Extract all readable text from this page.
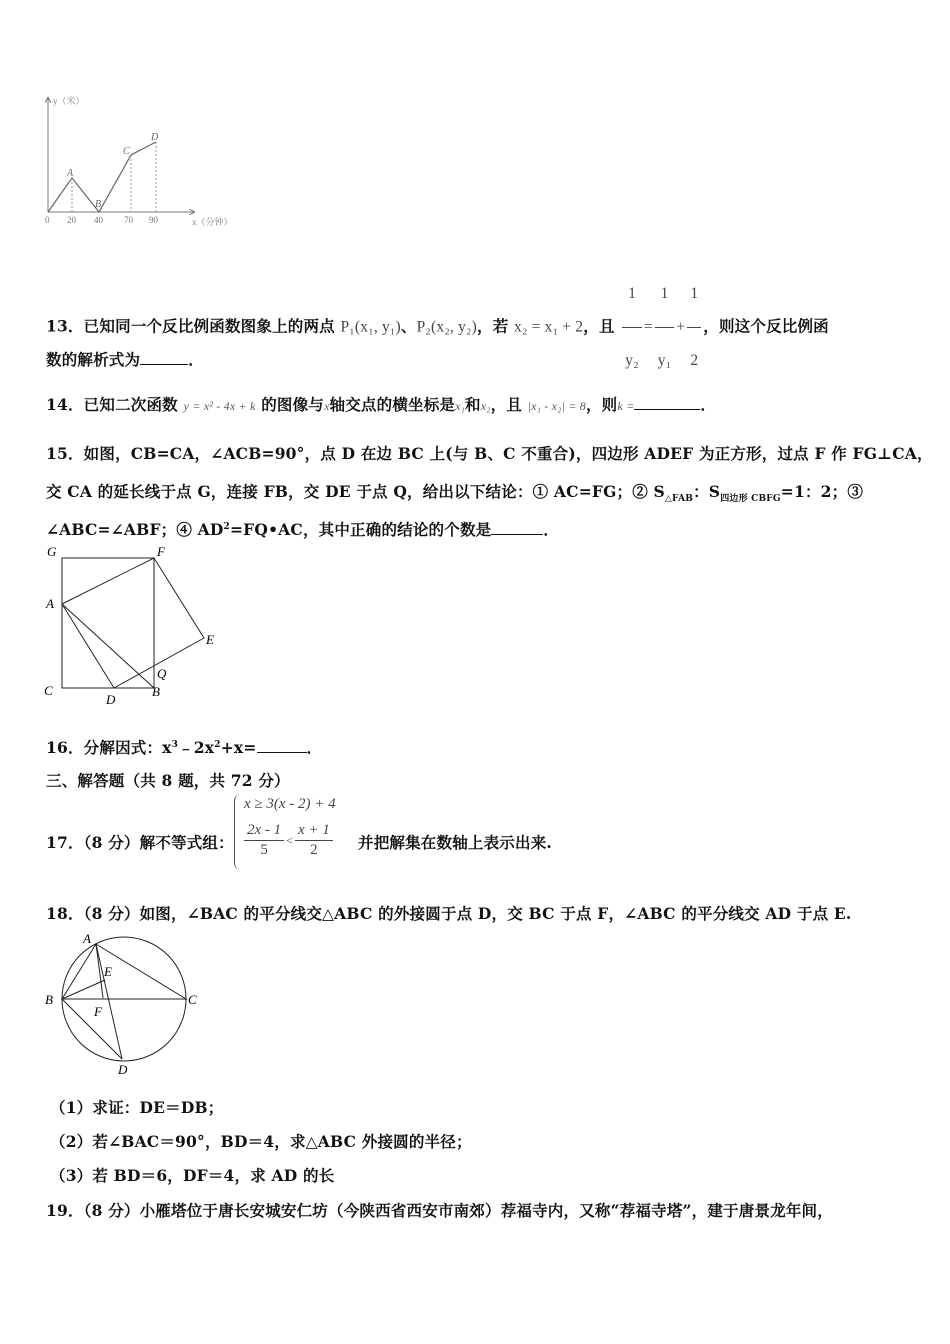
y（米）
x（分钟）
0 20 40 70 90
A
B
C
D
13．已知同一个反比例函数图象上的两点 P₁(x₁, y₁)、P₂(x₂, y₂)，若 x₂ = x₁ + 2，且 $\frac{1}{\text{y₂}} = \frac{1}{\text{y₁}} + \frac{1}{2}$ ，则这个反比例函
数的解析式为	．
14．已知二次函数 y = x² - 4x + k 的图像与x轴交点的横坐标是x₁和x₂，且 |x₁ - x₂| = 8，则k =	．
15．如图，CB=CA，∠ACB=90°，点 D 在边 BC 上(与 B、C 不重合)，四边形 ADEF 为正方形，过点 F 作 FG⊥CA，
交 CA 的延长线于点 G，连接 FB，交 DE 于点 Q，给出以下结论：① AC=FG；② $S_{\triangle FAB}$：$S_{四边形 CBFG}=1$：2；③
∠ABC=∠ABF；④ $AD^2=FQ•AC$，其中正确的结论的个数是	．
G	F
A
E
Q
C
D
B
16．分解因式：$x^3﹣2x^2+x=$	．
三、解答题（共 8 题，共 72 分）
17．（8 分）解不等式组：
x ≥ 3(x - 2) + 4
$\frac{2x - 1}{5} < \frac{x + 1}{2}$ 并把解集在数轴上表示出来.
18．（8 分）如图，∠BAC 的平分线交△ABC 的外接圆于点 D，交 BC 于点 F，∠ABC 的平分线交 AD 于点 E.
A
E
B	C
F
D
（1）求证：DE＝DB；
（2）若∠BAC＝90°，BD＝4，求△ABC 外接圆的半径；
（3）若 BD＝6，DF＝4，求 AD 的长
19．（8 分）小雁塔位于唐长安城安仁坊（今陕西省西安市南郊）荐福寺内，又称“荐福寺塔”，建于唐景龙年间，
